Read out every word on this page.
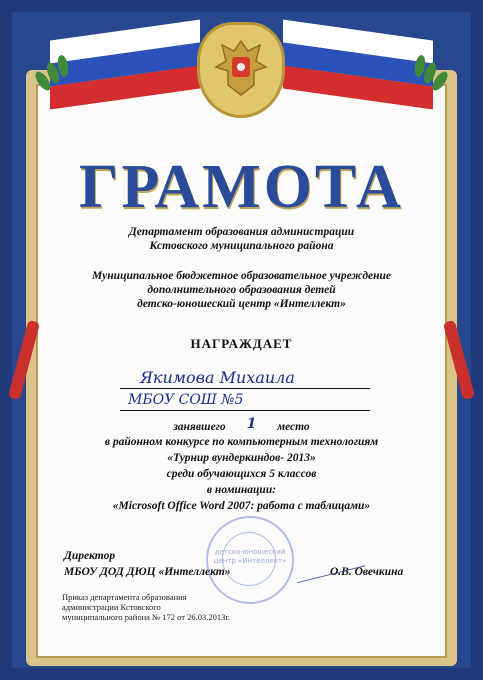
ГРАМОТА
Департамент образования администрации
Кстовского муниципального района
Муниципальное бюджетное образовательное учреждение
дополнительного образования детей
детско-юношеский центр «Интеллект»
НАГРАЖДАЕТ
Якимова Михаила
МБОУ СОШ №5
занявшего 1 место
в районном конкурсе по компьютерным технологиям
«Турнир вундеркиндов- 2013»
среди обучающихся 5 классов
в номинации:
«Microsoft Office Word 2007: работа с таблицами»
Директор
МБОУ ДОД ДЮЦ «Интеллект»	О.В. Овечкина
Приказ департамента образования
администрации Кстовского
муниципального района № 172 от 26.03.2013г.
детско-юношеский центр «Интеллект»
